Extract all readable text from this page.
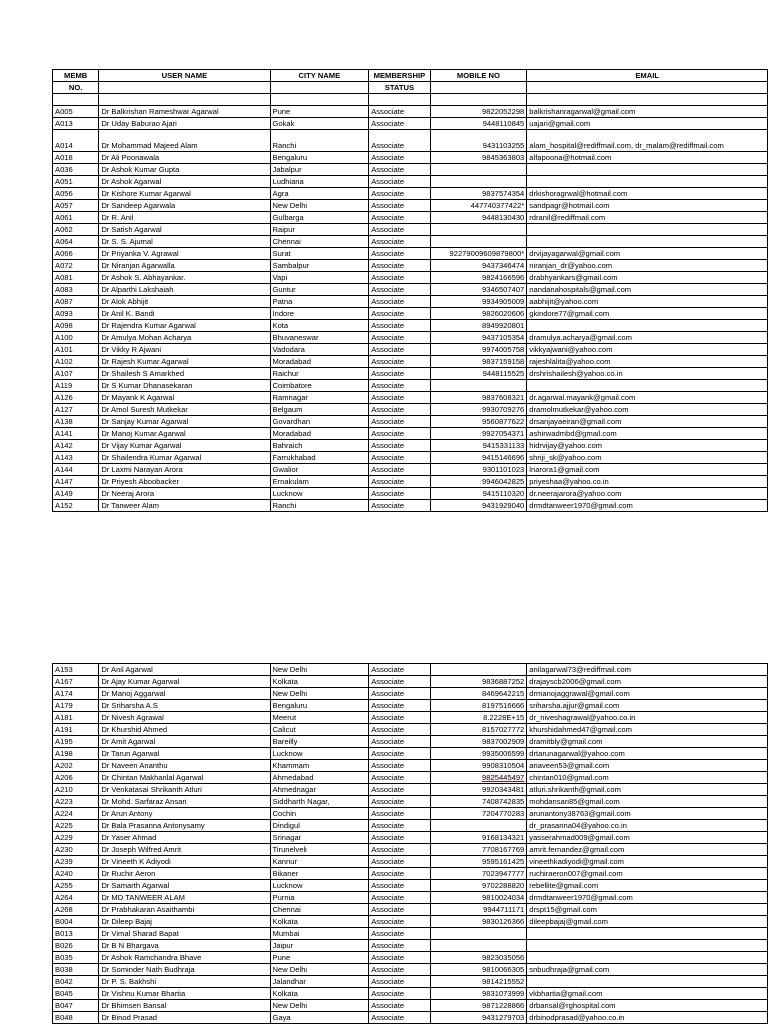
MEMB	USER NAME	CITY NAME	MEMBERSHIP	MOBILE NO	EMAIL
NO.			STATUS		

A005	Dr Balkrishan Rameshwar Agarwal	Pune	Associate	9822052298	balkrishanragarwal@gmail.com
A013	Dr Uday Baburao Ajari	Gokak	Associate	9448110845	uajari@gmail.com
A014	Dr Mohammad Majeed Alam	Ranchi	Associate	9431103255	alam_hospital@rediffmail.com, dr_malam@rediffmail.com
A018	Dr Ali Poonawala	Bengaluru	Associate	9845363803	alfapoona@hotmail.com
A036	Dr Ashok Kumar Gupta	Jabalpur	Associate		
A051	Dr Ashok Agarwal	Ludhiana	Associate		
A056	Dr Kishore Kumar Agarwal	Agra	Associate	9837574354	drkishoragrwal@hotmail.com
A057	Dr Sandeep Agarwala	New Delhi	Associate	447740377422*	sandpagr@hotmail.com
A061	Dr R. Anil	Gulbarga	Associate	9448130430	rdranil@rediffmail.com
A062	Dr Satish Agarwal	Raipur	Associate		
A064	Dr S. S. Ajumal	Chennai	Associate		
A066	Dr Priyanka V. Agrawal	Surat	Associate	92279009609879800*	drvijayagarwal@gmail.com
A072	Dr Niranjan Agarwalla	Sambalpur	Associate	9437346474	niranjan_dr@yahoo.com
A081	Dr Ashok S. Abhayankar.	Vapi	Associate	9824166596	drabhyankars@gmail.com
A083	Dr Alparthi Lakshaiah	Guntur	Associate	9346507407	nandanahospitals@gmail.com
A087	Dr Alok Abhijit	Patna	Associate	9934905009	aabhijit@yahoo.com
A093	Dr Anil K. Bandi	Indore	Associate	9826020606	gkindore77@gmail.com
A098	Dr Rajendra Kumar Agarwal	Kota	Associate	8949920801	
A100	Dr Amulya Mohan Acharya	Bhuvaneswar	Associate	9437105354	dramulya.acharya@gmail.com
A101	Dr Vikky R Ajwani	Vadodara	Associate	9974005758	vikkyajwani@yahoo.com
A102	Dr Rajesh Kumar Agarwal	Moradabad	Associate	9837159158	rajeshlalita@yahoo.com
A107	Dr Shailesh S Amarkhed	Raichur	Associate	9448115525	drshrishailesh@yahoo.co.in
A119	Dr S Kumar Dhanasekaran	Coimbatore	Associate		
A126	Dr Mayank K Agarwal	Ramnagar	Associate	9837608321	dr.agarwal.mayank@gmail.com
A127	Dr Amol Suresh Mutkekar	Belgaum	Associate	9930709276	dramolmutkekar@yahoo.com
A138	Dr Sanjay Kumar Agarwal	Govardhan	Associate	9560877622	drsanjayaeiran@gmail.com
A141	Dr Manoj Kumar Agarwal	Moradabad	Associate	9927054371	ashirwadmbd@gmail.com
A142	Dr Vijay Kumar Agarwal	Bahraich	Associate	9415331133	hidrvijay@yahoo.com
A143	Dr Shailendra Kumar Agarwal	Farrukhabad	Associate	9415146696	shriji_sk@yahoo.com
A144	Dr Laxmi Narayan Arora	Gwalior	Associate	9301101023	lnarora1@gmail.com
A147	Dr Priyesh Aboobacker	Ernakulam	Associate	9946042825	priyeshaa@yahoo.co.in
A149	Dr Neeraj Arora	Lucknow	Associate	9415110320	dr.neerajarora@yahoo.com
A152	Dr Tanweer Alam	Ranchi	Associate	9431929040	drmdtanweer1970@gmail.com
A153	Dr Anil Agarwal	New Delhi	Associate		anilagarwal73@rediffmail.com
A167	Dr Ajay Kumar Agarwal	Kolkata	Associate	9836887252	drajayscb2006@gmail.com
A174	Dr Manoj Aggarwal	New Delhi	Associate	8469642215	drmanojaggrawal@gmail.com
A179	Dr Sriharsha A.S	Bengaluru	Associate	8197516666	sriharsha.ajjur@gmail.com
A181	Dr Nivesh Agrawal	Meerut	Associate	8.2228E+15	dr_niveshagrawal@yahoo.co.in
A191	Dr Khurshid Ahmed	Calicut	Associate	8157027772	khurshidahmed47@gmail.com
A195	Dr Amit Agarwal	Bareilly	Associate	9837002909	dramitbly@gmail.com
A198	Dr Tarun Agarwal	Lucknow	Associate	9935006599	drtarunagarwal@yahoo.com
A202	Dr Naveen Ananthu	Khammam	Associate	9908310504	anaveen53@gmail.com
A206	Dr Chintan Makhanlal Agarwal	Ahmedabad	Associate	9825445497	chintan010@gmail.com
A210	Dr Venkatasai Shrikanth Atluri	Ahmednagar	Associate	9920343481	atluri.shrikanth@gmail.com
A223	Dr Mohd. Sarfaraz Ansari	Siddharth Nagar,	Associate	7408742835	mohdansari85@gmail.com
A224	Dr Arun Antony	Cochin	Associate	7204770283	arunantony38763@gmail.com
A225	Dr Bala Prasanna Antonysamy	Dindigul	Associate		dr_prasanna04@yahoo.co.in
A229	Dr Yaser Ahmad	Srinagar	Associate	9168134321	yasserahmad009@gmail.com
A230	Dr Joseph Wilfred Amrit	Tirunelveli	Associate	7708167769	amrit.fernandez@gmail.com
A239	Dr Vineeth K Adiyodi	Kannur	Associate	9595161425	vineethkadiyodi@gmail.com
A240	Dr Ruchir Aeron	Bikaner	Associate	7023947777	ruchiraeron007@gmail.com
A255	Dr Samarth Agarwal	Lucknow	Associate	9702288820	rebellite@gmail.com
A264	Dr MD TANWEER ALAM	Purnia	Associate	9810024034	drmdtanweer1970@gmail.com
A268	Dr Prabhakaran Asaithambi	Chennai	Associate	9944711171	drspt15@gmail.com
B004	Dr Dileep Bajaj	Kolkata	Associate	9830126366	dileepbajaj@gmail.com
B013	Dr Vimal Sharad Bapat	Mumbai	Associate		
B026	Dr B N Bhargava	Jaipur	Associate		
B035	Dr Ashok Ramchandra Bhave	Pune	Associate	9823035056	
B038	Dr Sominder Nath Budhraja	New Delhi	Associate	9810066305	snbudhraja@gmail.com
B042	Dr P. S. Bakhshi	Jalandhar	Associate	9814215552	
B045	Dr Vishnu Kumar Bhartia	Kolkata	Associate	9831073999	vkbhartia@gmail.com
B047	Dr Bhimsen Bansal	New Delhi	Associate	9871228866	drbansal@rghospital.com
B048	Dr Binod Prasad	Gaya	Associate	9431279703	drbinodprasad@yahoo.co.in
